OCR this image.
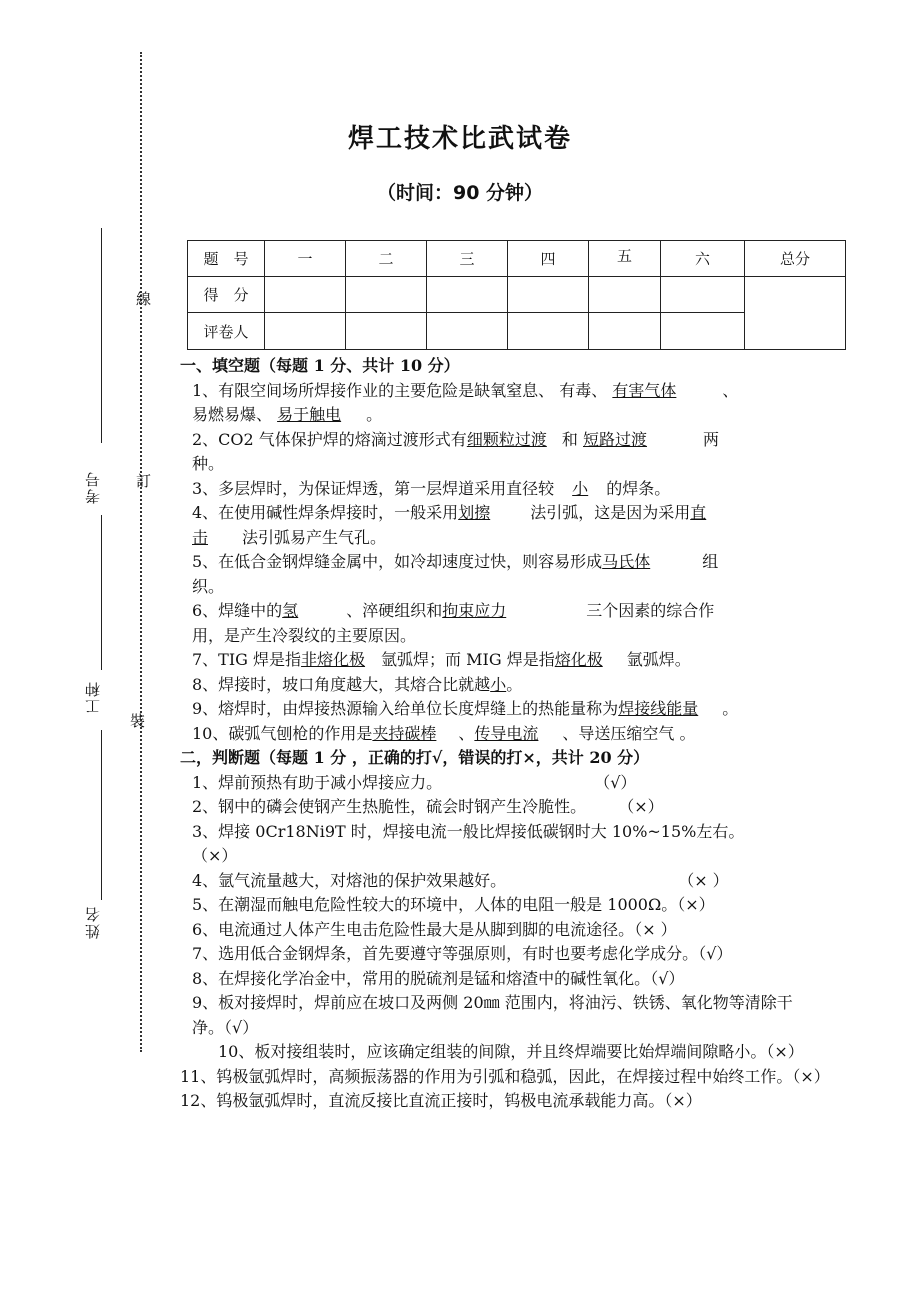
線
訂
裝
考号
工种
姓名
焊工技术比武试卷
（时间：90 分钟）
题　号	一	二	三	四	五	六	总分
得　分							
评卷人							
一、填空题（每题 1 分、共计 10 分）

1、有限空间场所焊接作业的主要危险是缺氧窒息、 有毒、 有害气体	、
易燃易爆、 易于触电 。

2、CO2 气体保护焊的熔滴过渡形式有细颗粒过渡 和 短路过渡	两
种。

3、多层焊时，为保证焊透，第一层焊道采用直径较 小 的焊条。

4、在使用碱性焊条焊接时，一般采用划擦 法引弧，这是因为采用直
击 法引弧易产生气孔。

5、在低合金钢焊缝金属中，如冷却速度过快，则容易形成马氏体	组
织。

6、焊缝中的氢	、淬硬组织和拘束应力	三个因素的综合作
用，是产生冷裂纹的主要原因。

7、TIG 焊是指非熔化极 氩弧焊；而 MIG 焊是指熔化极 氩弧焊。

8、焊接时，坡口角度越大，其熔合比就越小。

9、熔焊时，由焊接热源输入给单位长度焊缝上的热能量称为焊接线能量 。

10、碳弧气刨枪的作用是夹持碳棒 、传导电流 、导送压缩空气 。

二，判断题（每题 1 分 ，正确的打√，错误的打×，共计 20 分）

1、焊前预热有助于减小焊接应力。	（√）

2、钢中的磷会使钢产生热脆性，硫会时钢产生冷脆性。	（×）

3、焊接 0Cr18Ni9T 时，焊接电流一般比焊接低碳钢时大 10%~15%左右。
（×）

4、氩气流量越大，对熔池的保护效果越好。	（× ）

5、在潮湿而触电危险性较大的环境中，人体的电阻一般是 1000Ω。（×）

6、电流通过人体产生电击危险性最大是从脚到脚的电流途径。（× ）

7、选用低合金钢焊条，首先要遵守等强原则，有时也要考虑化学成分。（√）

8、在焊接化学冶金中，常用的脱硫剂是锰和熔渣中的碱性氧化。（√）

9、板对接焊时，焊前应在坡口及两侧 20㎜ 范围内，将油污、铁锈、氧化物等清除干净。（√）

10、板对接组装时，应该确定组装的间隙，并且终焊端要比始焊端间隙略小。（×）

11、钨极氩弧焊时，高频振荡器的作用为引弧和稳弧，因此，在焊接过程中始终工作。（×）

12、钨极氩弧焊时，直流反接比直流正接时，钨极电流承载能力高。（×）
